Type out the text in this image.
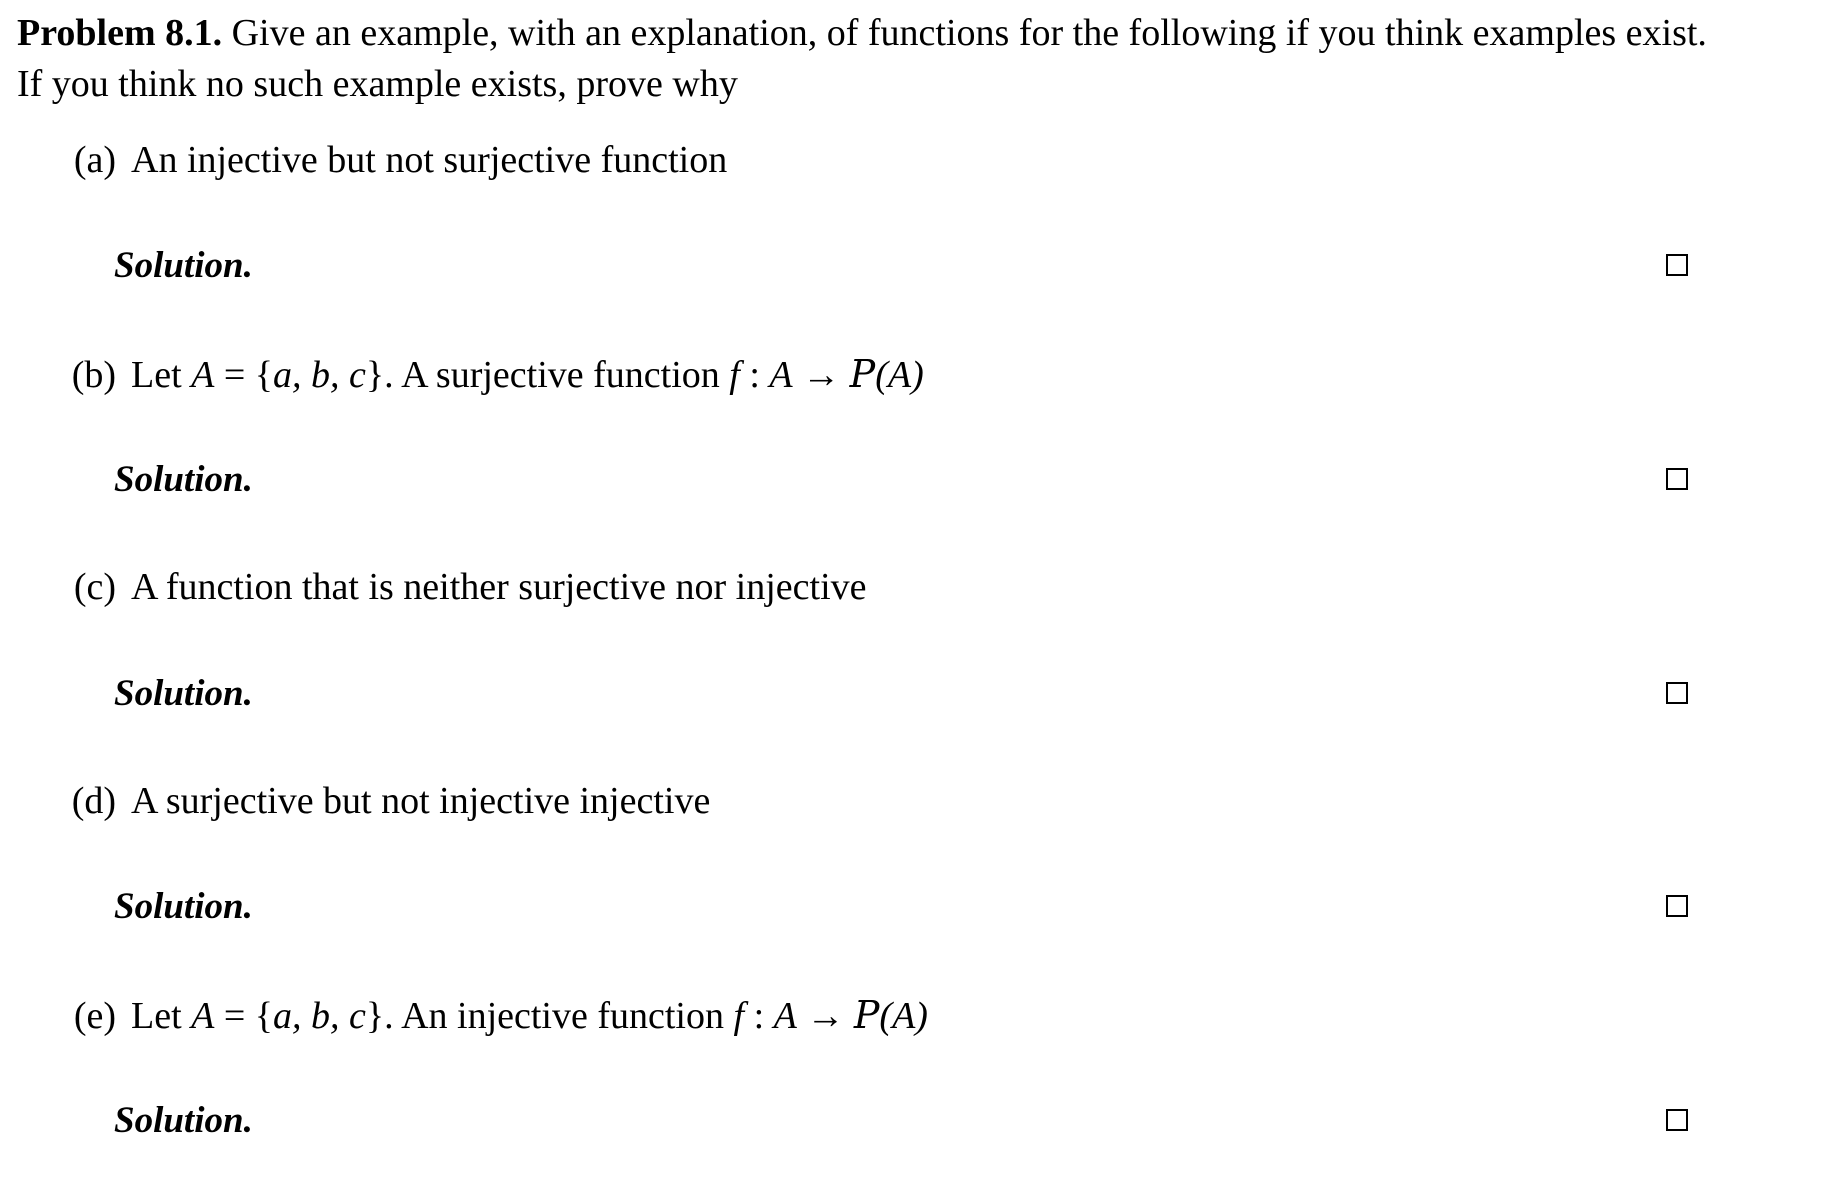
Problem 8.1. Give an example, with an explanation, of functions for the following if you think examples exist. If you think no such example exists, prove why
(a) An injective but not surjective function
Solution.
(b) Let A = {a, b, c}. A surjective function f : A → P(A)
Solution.
(c) A function that is neither surjective nor injective
Solution.
(d) A surjective but not injective injective
Solution.
(e) Let A = {a, b, c}. An injective function f : A → P(A)
Solution.
